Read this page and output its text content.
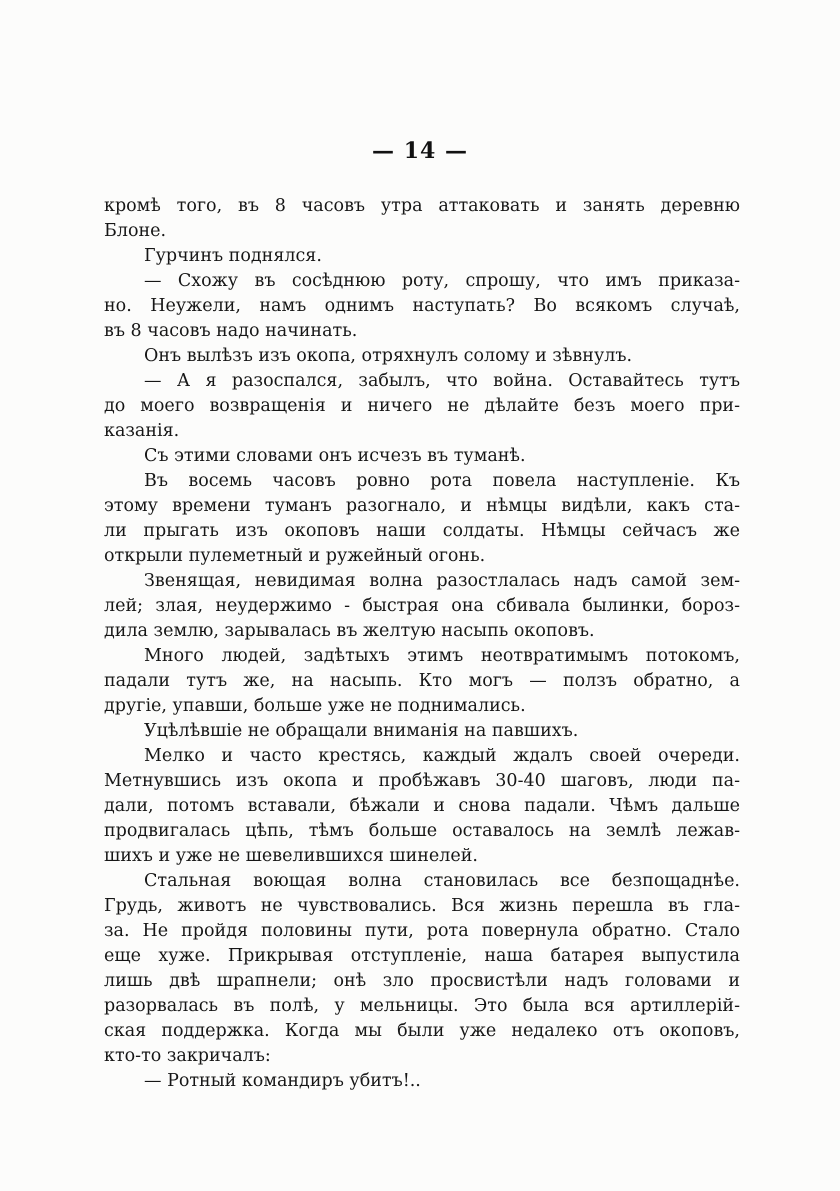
— 14 —
кромѣ того, въ 8 часовъ утра аттаковать и занять деревню
Блоне.
Гурчинъ поднялся.
— Схожу въ сосѣднюю роту, спрошу, что имъ приказа-
но. Неужели, намъ однимъ наступать? Во всякомъ случаѣ,
въ 8 часовъ надо начинать.
Онъ вылѣзъ изъ окопа, отряхнулъ солому и зѣвнулъ.
— А я разоспался, забылъ, что война. Оставайтесь тутъ
до моего возвращенія и ничего не дѣлайте безъ моего при-
казанія.
Съ этими словами онъ исчезъ въ туманѣ.
Въ восемь часовъ ровно рота повела наступленіе. Къ
этому времени туманъ разогнало, и нѣмцы видѣли, какъ ста-
ли прыгать изъ окоповъ наши солдаты. Нѣмцы сейчасъ же
открыли пулеметный и ружейный огонь.
Звенящая, невидимая волна разостлалась надъ самой зем-
лей; злая, неудержимо - быстрая она сбивала былинки, бороз-
дила землю, зарывалась въ желтую насыпь окоповъ.
Много людей, задѣтыхъ этимъ неотвратимымъ потокомъ,
падали тутъ же, на насыпь. Кто могъ — ползъ обратно, а
другіе, упавши, больше уже не поднимались.
Уцѣлѣвшіе не обращали вниманія на павшихъ.
Мелко и часто крестясь, каждый ждалъ своей очереди.
Метнувшись изъ окопа и пробѣжавъ 30-40 шаговъ, люди па-
дали, потомъ вставали, бѣжали и снова падали. Чѣмъ дальше
продвигалась цѣпь, тѣмъ больше оставалось на землѣ лежав-
шихъ и уже не шевелившихся шинелей.
Стальная воющая волна становилась все безпощаднѣе.
Грудь, животъ не чувствовались. Вся жизнь перешла въ гла-
за. Не пройдя половины пути, рота повернула обратно. Стало
еще хуже. Прикрывая отступленіе, наша батарея выпустила
лишь двѣ шрапнели; онѣ зло просвистѣли надъ головами и
разорвалась въ полѣ, у мельницы. Это была вся артиллерій-
ская поддержка. Когда мы были уже недалеко отъ окоповъ,
кто-то закричалъ:
— Ротный командиръ убитъ!..
